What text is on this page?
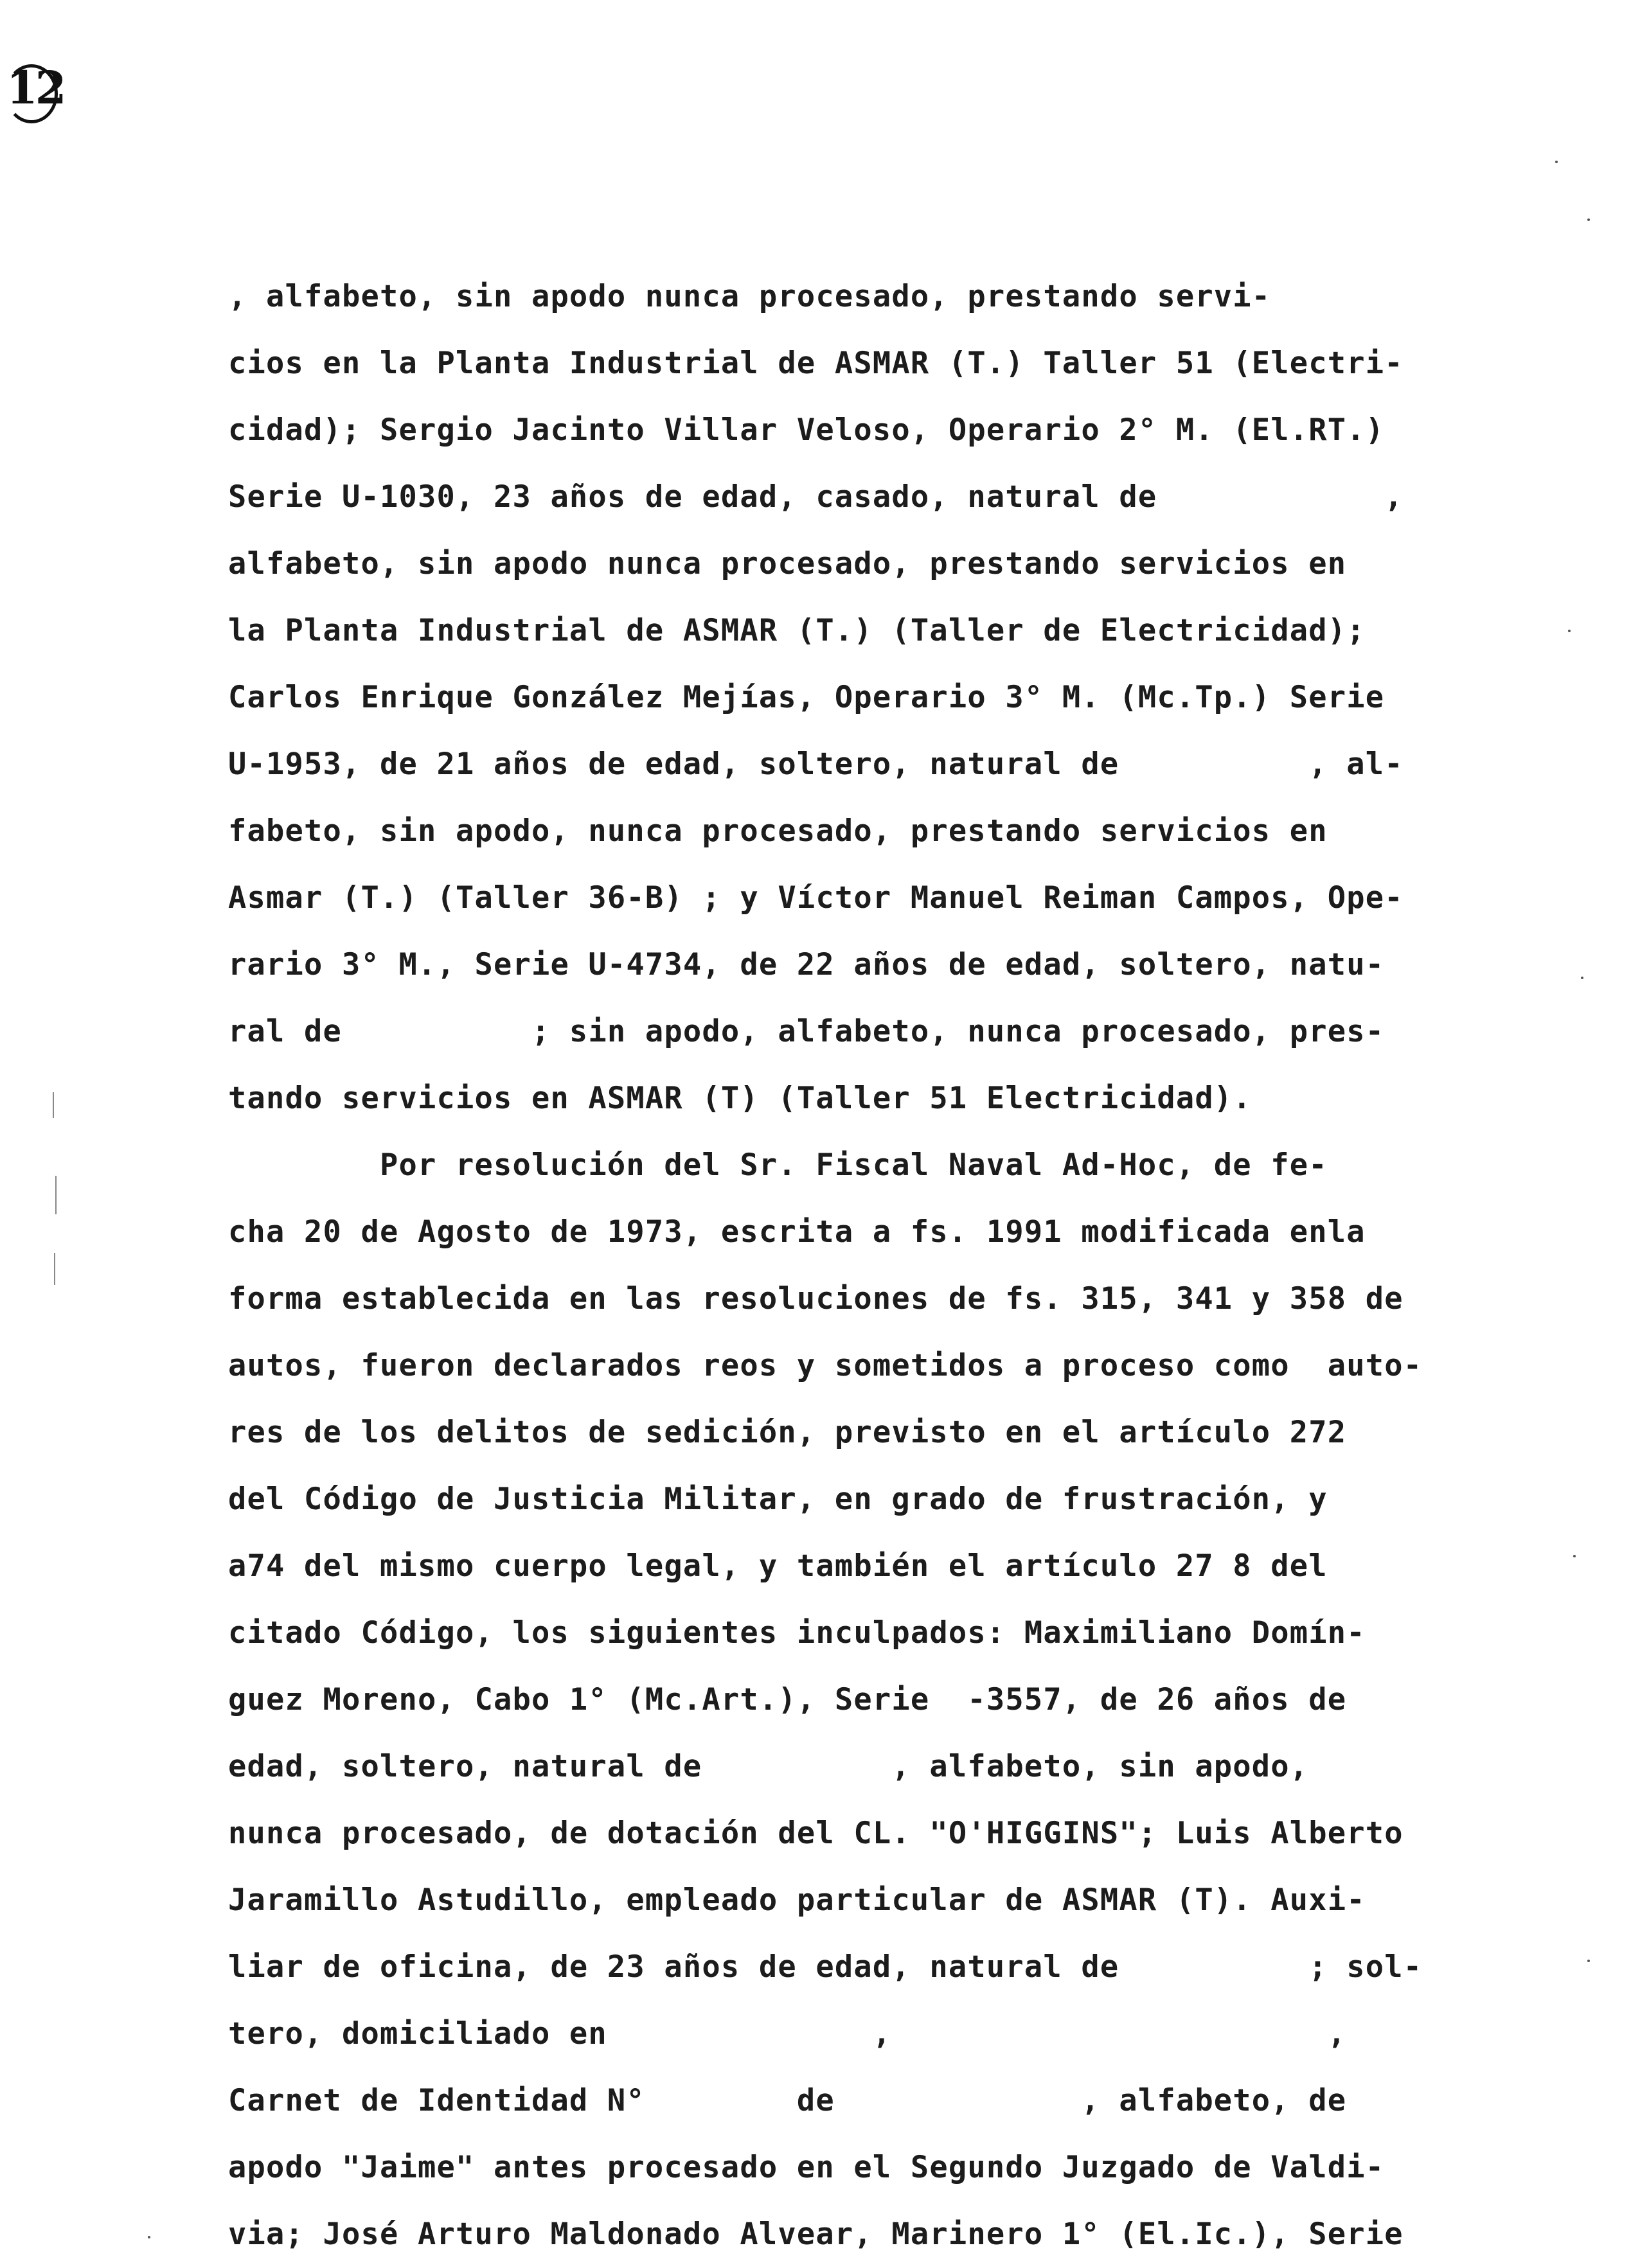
12
, alfabeto, sin apodo nunca procesado, prestando servi-
cios en la Planta Industrial de ASMAR (T.) Taller 51 (Electri-
cidad); Sergio Jacinto Villar Veloso, Operario 2° M. (El.RT.)
Serie U-1030, 23 años de edad, casado, natural de            ,
alfabeto, sin apodo nunca procesado, prestando servicios en
la Planta Industrial de ASMAR (T.) (Taller de Electricidad);
Carlos Enrique González Mejías, Operario 3° M. (Mc.Tp.) Serie
U-1953, de 21 años de edad, soltero, natural de          , al-
fabeto, sin apodo, nunca procesado, prestando servicios en
Asmar (T.) (Taller 36-B) ; y Víctor Manuel Reiman Campos, Ope-
rario 3° M., Serie U-4734, de 22 años de edad, soltero, natu-
ral de          ; sin apodo, alfabeto, nunca procesado, pres-
tando servicios en ASMAR (T) (Taller 51 Electricidad).
Por resolución del Sr. Fiscal Naval Ad-Hoc, de fe-
cha 20 de Agosto de 1973, escrita a fs. 1991 modificada enla
forma establecida en las resoluciones de fs. 315, 341 y 358 de
autos, fueron declarados reos y sometidos a proceso como  auto-
res de los delitos de sedición, previsto en el artículo 272
del Código de Justicia Militar, en grado de frustración, y
a74 del mismo cuerpo legal, y también el artículo 27 8 del
citado Código, los siguientes inculpados: Maximiliano Domín-
guez Moreno, Cabo 1° (Mc.Art.), Serie  -3557, de 26 años de
edad, soltero, natural de          , alfabeto, sin apodo,
nunca procesado, de dotación del CL. "O'HIGGINS"; Luis Alberto
Jaramillo Astudillo, empleado particular de ASMAR (T). Auxi-
liar de oficina, de 23 años de edad, natural de          ; sol-
tero, domiciliado en              ,                       ,
Carnet de Identidad N°        de             , alfabeto, de
apodo "Jaime" antes procesado en el Segundo Juzgado de Valdi-
via; José Arturo Maldonado Alvear, Marinero 1° (El.Ic.), Serie
